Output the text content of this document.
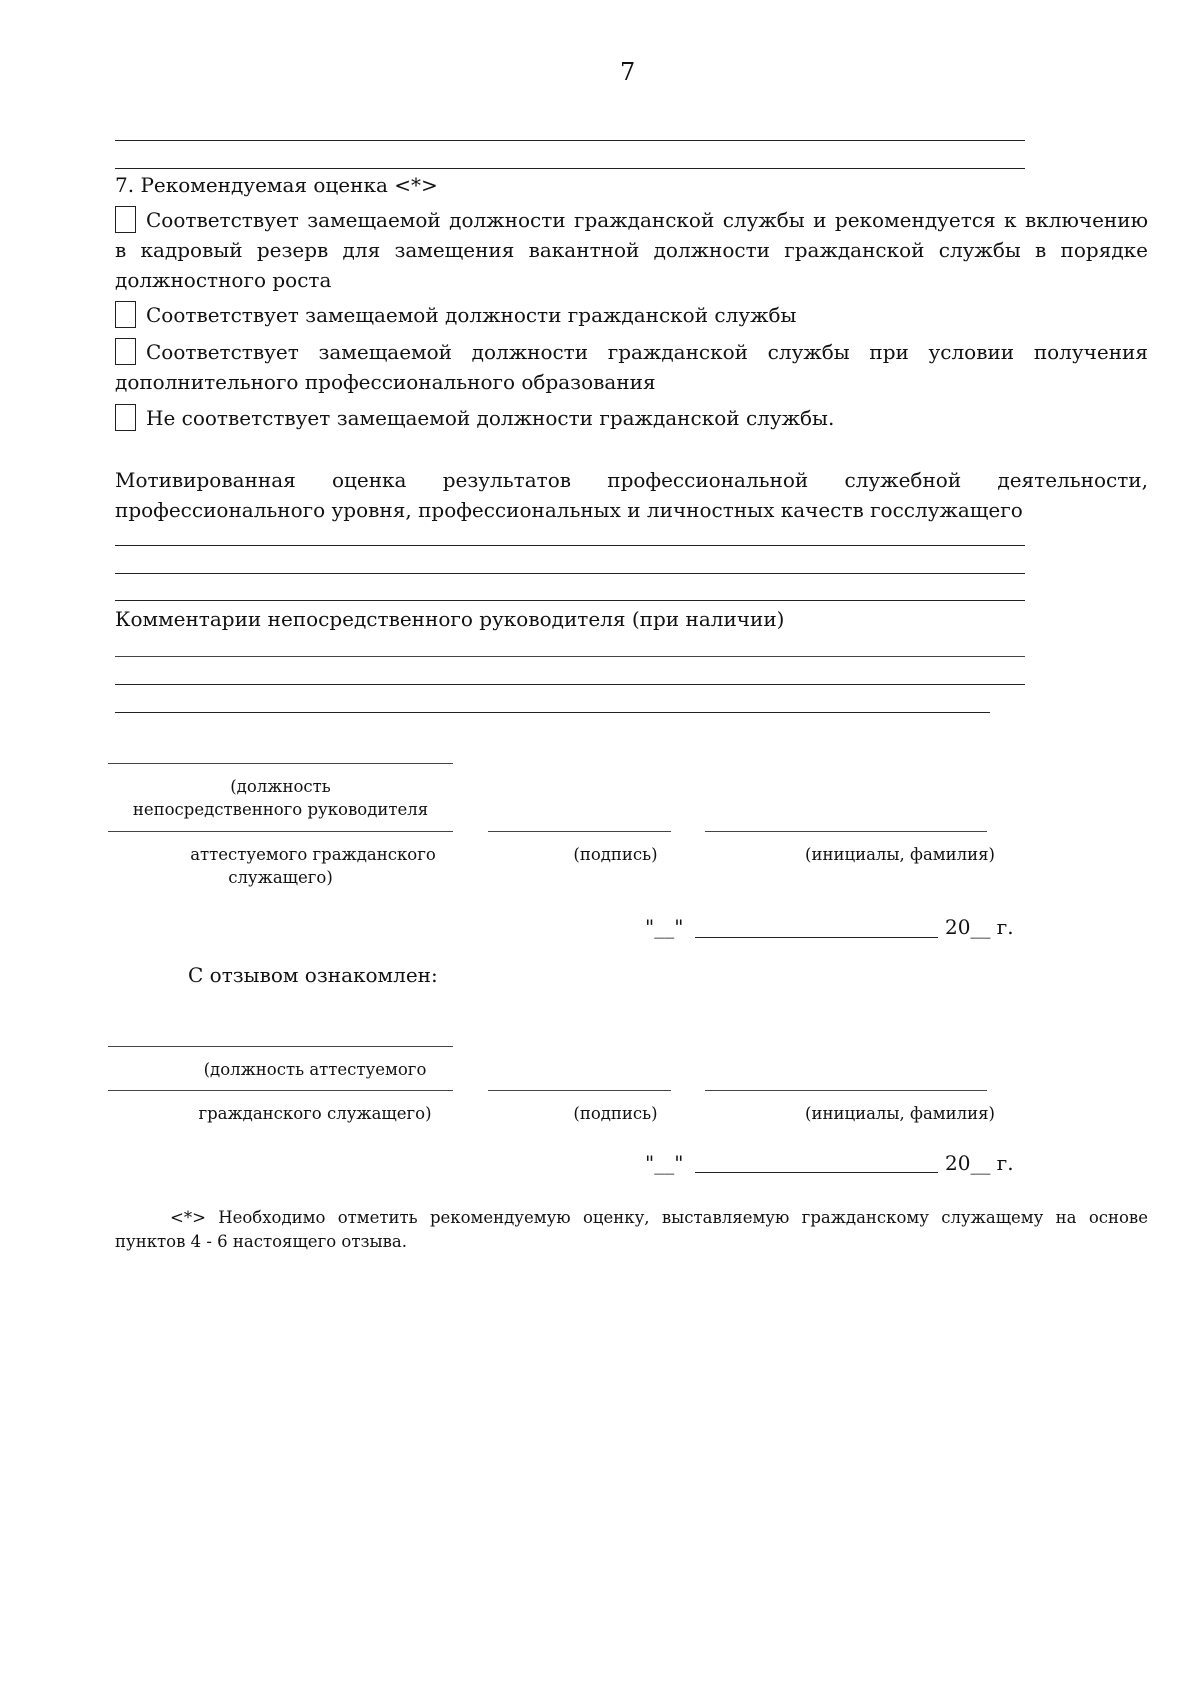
7
7. Рекомендуемая оценка <*>
Соответствует замещаемой должности гражданской службы и рекомендуется к включению в кадровый резерв для замещения вакантной должности гражданской службы в порядке должностного роста
Соответствует замещаемой должности гражданской службы
Соответствует замещаемой должности гражданской службы при условии получения дополнительного профессионального образования
Не соответствует замещаемой должности гражданской службы.
Мотивированная оценка результатов профессиональной служебной деятельности, профессионального уровня, профессиональных и личностных качеств госслужащего
Комментарии непосредственного руководителя (при наличии)
(должность
непосредственного руководителя
аттестуемого гражданского
служащего)
(подпись)	(инициалы, фамилия)
"__"	20__ г.
С отзывом ознакомлен:
(должность аттестуемого
гражданского служащего)	(подпись)	(инициалы, фамилия)
"__"	20__ г.
<*> Необходимо отметить рекомендуемую оценку, выставляемую гражданскому служащему на основе пунктов 4 - 6 настоящего отзыва.
